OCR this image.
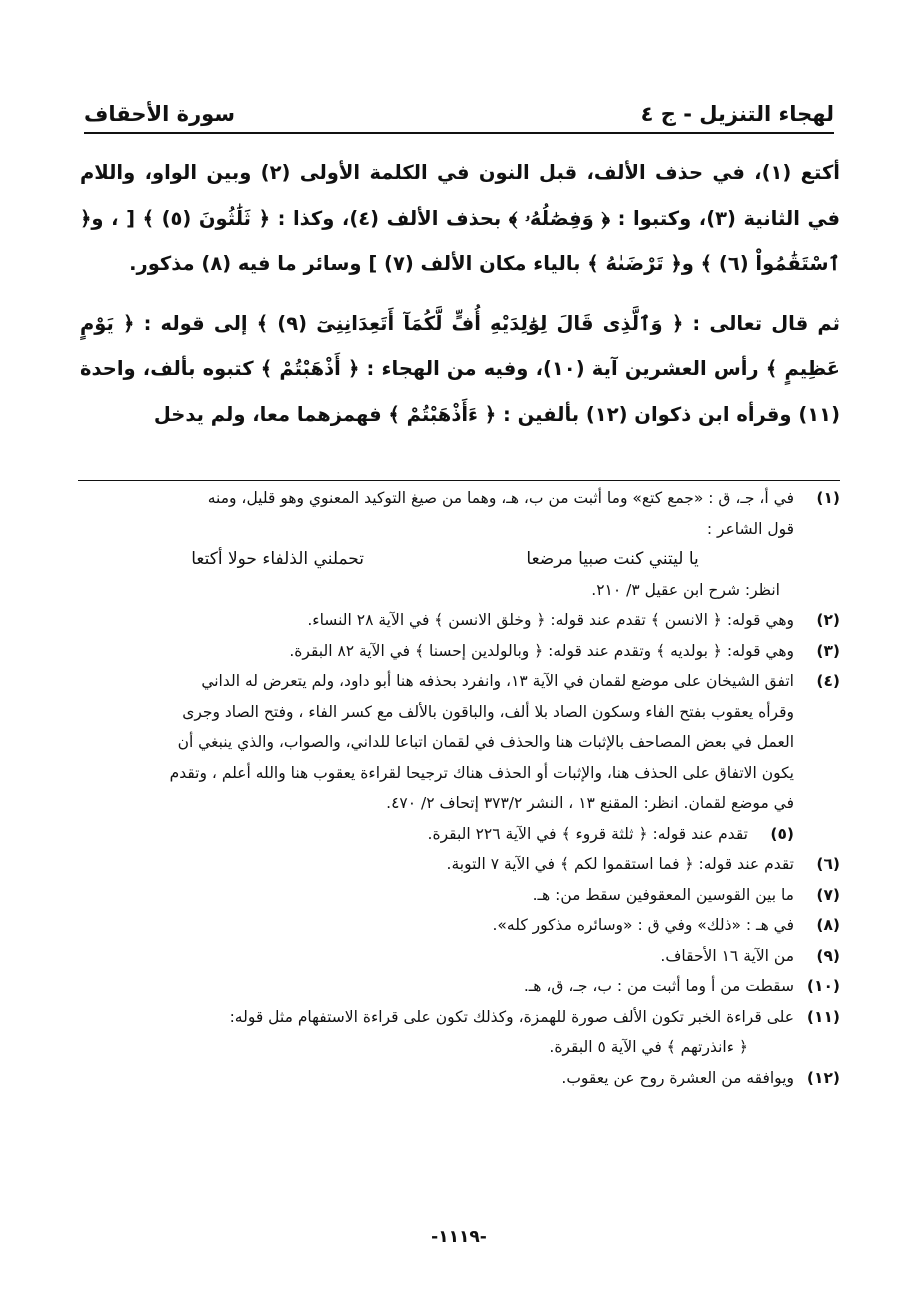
لهجاء التنزيل - ج ٤
سورة الأحقاف

أكتع (١)، في حذف الألف، قبل النون في الكلمة الأولى (٢) وبين الواو، واللام في الثانية (٣)، وكتبوا : ﴿ وَفِصَٰلُهُۥ ﴾ بحذف الألف (٤)، وكذا : ﴿ ثَلَٰثُونَ (٥) ﴾ [ ، و﴿ ٱسْتَقَٰمُواْ (٦) ﴾ و﴿ تَرْضَىٰهُ ﴾ بالياء مكان الألف (٧) ] وسائر ما فيه (٨) مذكور.

ثم قال تعالى : ﴿ وَٱلَّذِى قَالَ لِوَٰلِدَيْهِ أُفٍّ لَّكُمَآ أَتَعِدَانِنِىٓ (٩) ﴾ إلى قوله : ﴿ يَوْمٍ عَظِيمٍ ﴾ رأس العشرين آية (١٠)، وفيه من الهجاء : ﴿ أَذْهَبْتُمْ ﴾ كتبوه بألف، واحدة (١١) وقرأه ابن ذكوان (١٢) بألفين : ﴿ ءَأَذْهَبْتُمْ ﴾ فهمزهما معا، ولم يدخل

(١)
في أ، جـ، ق : «جمع كتع» وما أثبت من ب، هـ، وهما من صيغ التوكيد المعنوي وهو قليل، ومنه
قول الشاعر :
يا ليتني كنت صبيا مرضعا
تحملني الذلفاء حولا أكتعا
انظر: شرح ابن عقيل ٣/ ٢١٠.
(٢)
وهي قوله: ﴿ الانسن ﴾ تقدم عند قوله: ﴿ وخلق الانسن ﴾ في الآية ٢٨ النساء.
(٣)
وهي قوله: ﴿ بولديه ﴾ وتقدم عند قوله: ﴿ وبالولدين إحسنا ﴾ في الآية ٨٢ البقرة.
(٤)
اتفق الشيخان على موضع لقمان في الآية ١٣، وانفرد بحذفه هنا أبو داود، ولم يتعرض له الداني
وقرأه يعقوب بفتح الفاء وسكون الصاد بلا ألف، والباقون بالألف مع كسر الفاء ، وفتح الصاد وجرى
العمل في بعض المصاحف بالإثبات هنا والحذف في لقمان اتباعا للداني، والصواب، والذي ينبغي أن
يكون الاتفاق على الحذف هنا، والإثبات أو الحذف هناك ترجيحا لقراءة يعقوب هنا والله أعلم ، وتقدم
في موضع لقمان. انظر: المقنع ١٣ ، النشر ٣٧٣/٢ إتحاف ٢/ ٤٧٠.
(٥)
تقدم عند قوله: ﴿ ثلثة قروء ﴾ في الآية ٢٢٦ البقرة.
(٦)
تقدم عند قوله: ﴿ فما استقموا لكم ﴾ في الآية ٧ التوبة.
(٧)
ما بين القوسين المعقوفين سقط من: هـ.
(٨)
في هـ : «ذلك» وفي ق : «وسائره مذكور كله».
(٩)
من الآية ١٦ الأحقاف.
(١٠)
سقطت من أ وما أثبت من : ب، جـ، ق، هـ.
(١١)
على قراءة الخبر تكون الألف صورة للهمزة، وكذلك تكون على قراءة الاستفهام مثل قوله:
﴿ ءانذرتهم ﴾ في الآية ٥ البقرة.
(١٢)
ويوافقه من العشرة روح عن يعقوب.
-١١١٩-
